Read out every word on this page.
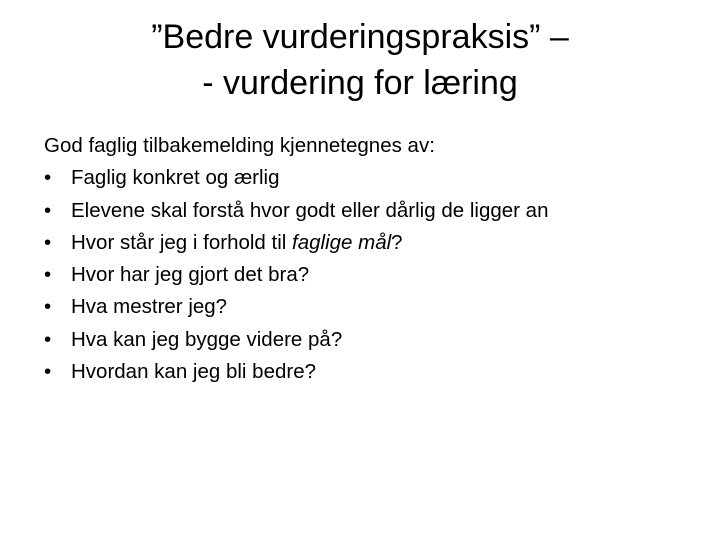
”Bedre vurderingspraksis” –
- vurdering for læring
God faglig tilbakemelding kjennetegnes av:
• Faglig konkret og ærlig
• Elevene skal forstå hvor godt eller dårlig de ligger an
• Hvor står jeg i forhold til faglige mål?
• Hvor har jeg gjort det bra?
• Hva mestrer jeg?
• Hva kan jeg bygge videre på?
• Hvordan kan jeg bli bedre?
